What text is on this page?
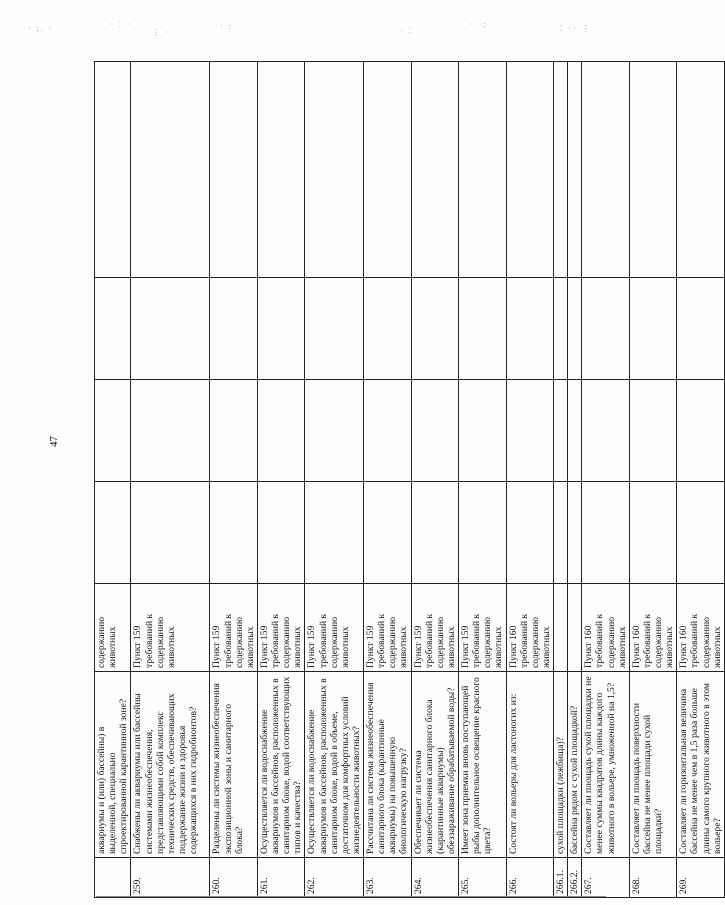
· ;. ·	· ⁚ ·
⋮ ·
· :	· ⁚
· ·:	⁚ ·· ⋮
47
	аквариумы и (или) бассейны) в выделенной, специально спроектированной карантинной зоне?	содержанию животных				
259.	Снабжены ли аквариумы или бассейны системами жизнеобеспечения, представляющими собой комплекс технических средств, обеспечивающих поддержание жизни и здоровья содержащихся в них гидробионтов?	Пункт 159 требований к содержанию животных				
260.	Разделены ли системы жизнеобеспечения экспозиционной зоны и санитарного блока?	Пункт 159 требований к содержанию животных				
261.	Осуществляется ли водоснабжение аквариумов и бассейнов, расположенных в санитарном блоке, водой соответствующих типов и качества?	Пункт 159 требований к содержанию животных				
262.	Осуществляется ли водоснабжение аквариумов и бассейнов, расположенных в санитарном блоке, водой в объеме, достаточном для комфортных условий жизнедеятельности животных?	Пункт 159 требований к содержанию животных				
263.	Рассчитана ли система жизнеобеспечения санитарного блока (карантинные аквариумы) на повышенную биологическую нагрузку?	Пункт 159 требований к содержанию животных				
264.	Обеспечивает ли система жизнеобеспечения санитарного блока (карантинные аквариумы) обеззараживание обрабатываемой воды?	Пункт 159 требований к содержанию животных				
265.	Имеет зона приемки вновь поступающей рыбы дополнительное освещение красного цвета?	Пункт 159 требований к содержанию животных				
266.	Состоят ли вольеры для ластоногих из:	Пункт 160 требований к содержанию животных				
266.1.	сухой площадки (лежбища)?					
266.2.	бассейна рядом с сухой площадкой?					
267.	Составляет ли площадь сухой площадки не менее суммы квадратов длины каждого животного в вольере, умноженной на 1,5?	Пункт 160 требований к содержанию животных				
268.	Составляет ли площадь поверхности бассейна не менее площади сухой площадки?	Пункт 160 требований к содержанию животных				
269.	Составляет ли горизонтальная величина бассейна не менее чем в 1,5 раза больше длины самого крупного животного в этом вольере?	Пункт 160 требований к содержанию животных				
